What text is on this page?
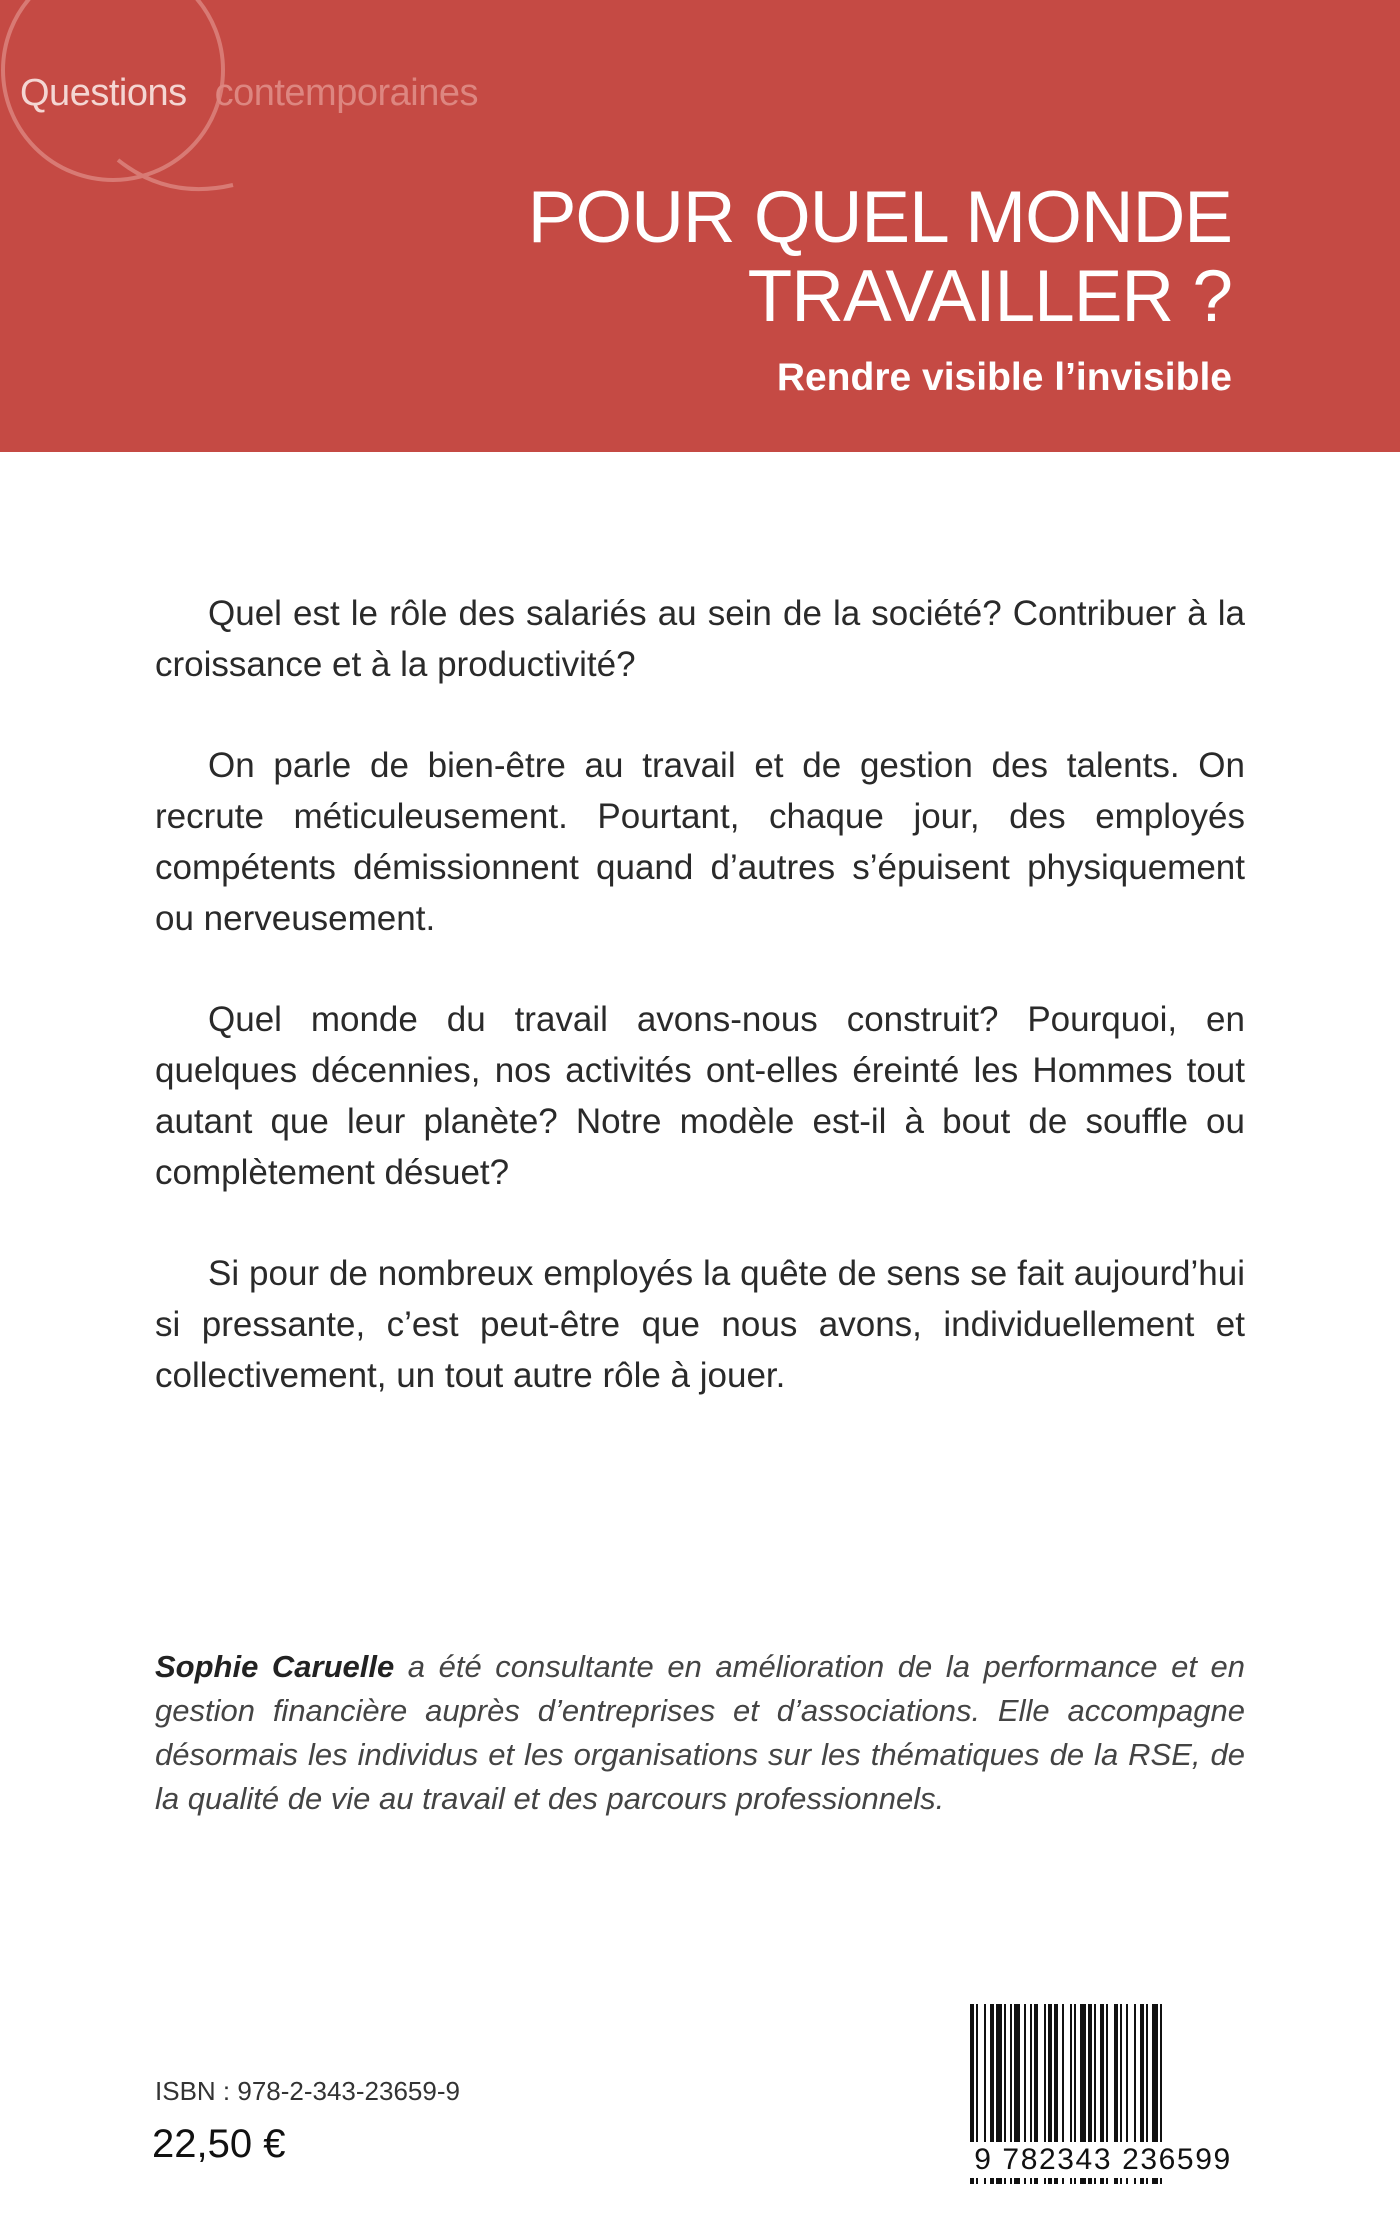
Questions contemporaines
POUR QUEL MONDE
TRAVAILLER ?
Rendre visible l’invisible

Quel est le rôle des salariés au sein de la société? Contribuer à la croissance et à la productivité?

On parle de bien-être au travail et de gestion des talents. On recrute méticuleusement. Pourtant, chaque jour, des employés compétents démissionnent quand d’autres s’épuisent physiquement ou nerveusement.

Quel monde du travail avons-nous construit? Pourquoi, en quelques décennies, nos activités ont-elles éreinté les Hommes tout autant que leur planète? Notre modèle est-il à bout de souffle ou complètement désuet?

Si pour de nombreux employés la quête de sens se fait aujourd’hui si pressante, c’est peut-être que nous avons, individuellement et collectivement, un tout autre rôle à jouer.

Sophie Caruelle a été consultante en amélioration de la performance et en gestion financière auprès d’entreprises et d’associations. Elle accompagne désormais les individus et les organisations sur les thématiques de la RSE, de la qualité de vie au travail et des parcours professionnels.
ISBN : 978-2-343-23659-9
22,50 €	9 782343 236599
